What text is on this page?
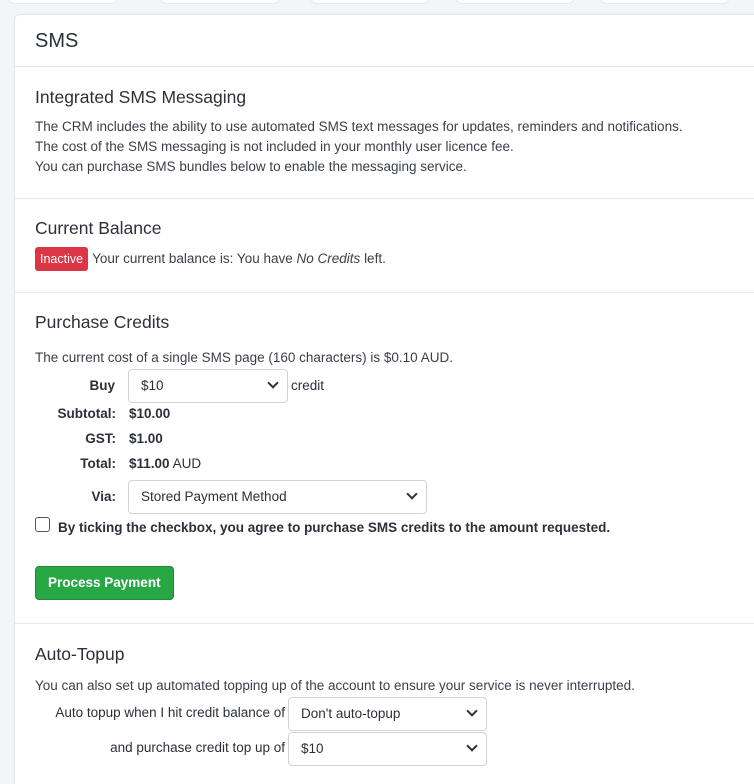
SMS
Integrated SMS Messaging

The CRM includes the ability to use automated SMS text messages for updates, reminders and notifications.

The cost of the SMS messaging is not included in your monthly user licence fee.

You can purchase SMS bundles below to enable the messaging service.

Current Balance

Inactive Your current balance is: You have No Credits left.

Purchase Credits

The current cost of a single SMS page (160 characters) is $0.10 AUD.

Buy	$10	credit
Subtotal: $10.00
GST: $1.00
Total: $11.00 AUD
Via:	Stored Payment Method
By ticking the checkbox, you agree to purchase SMS credits to the amount requested.
Process Payment
Auto-Topup

You can also set up automated topping up of the account to ensure your service is never interrupted.

Auto topup when I hit credit balance of	Don't auto-topup
and purchase credit top up of	$10
